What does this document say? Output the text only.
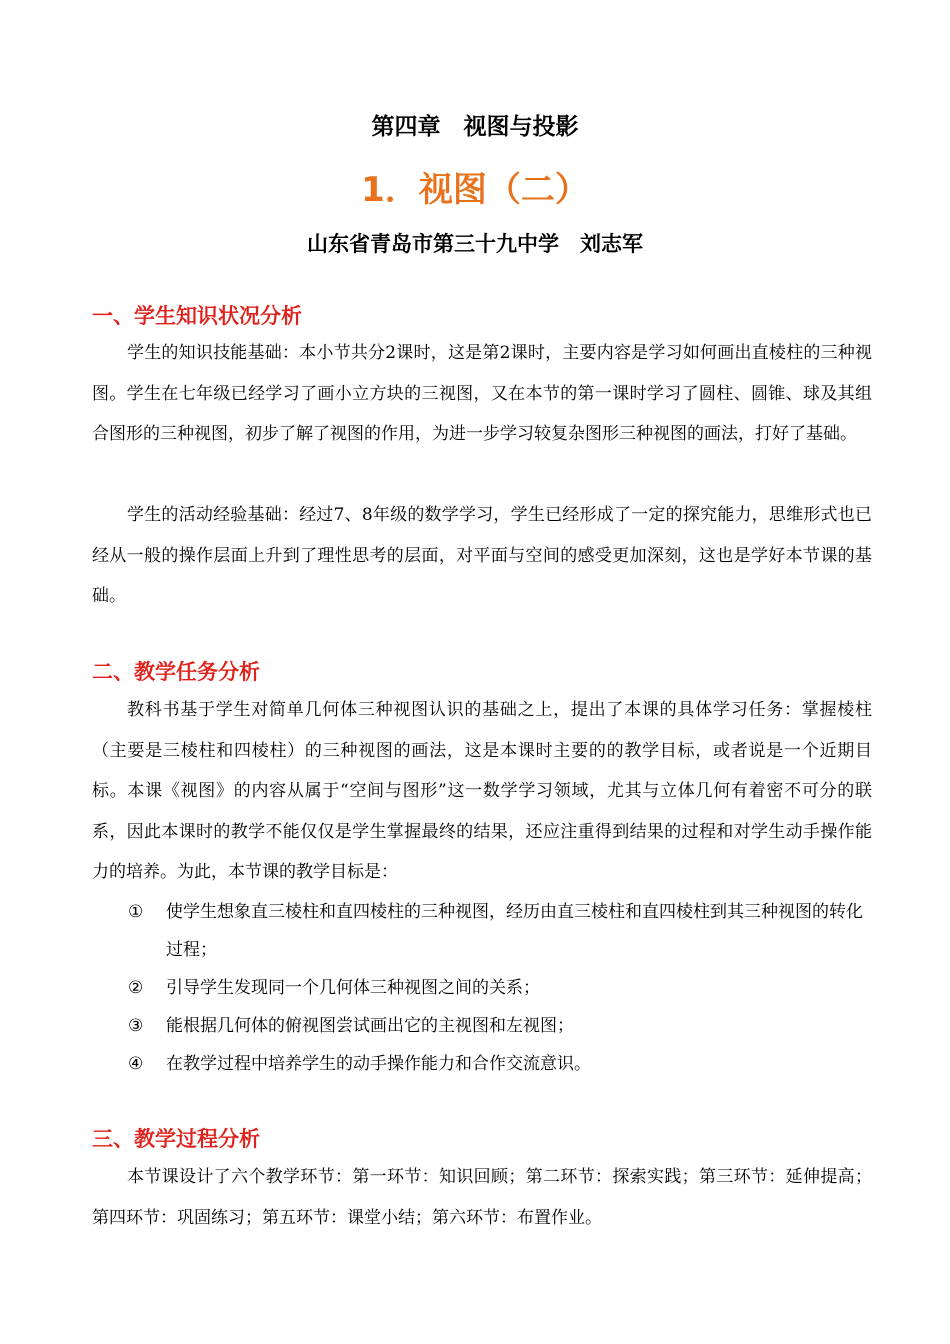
第四章　视图与投影
1．视图（二）
山东省青岛市第三十九中学　刘志军
一、学生知识状况分析

学生的知识技能基础：本小节共分2课时，这是第2课时，主要内容是学习如何画出直棱柱的三种视图。学生在七年级已经学习了画小立方块的三视图，又在本节的第一课时学习了圆柱、圆锥、球及其组合图形的三种视图，初步了解了视图的作用，为进一步学习较复杂图形三种视图的画法，打好了基础。

学生的活动经验基础：经过7、8年级的数学学习，学生已经形成了一定的探究能力，思维形式也已经从一般的操作层面上升到了理性思考的层面，对平面与空间的感受更加深刻，这也是学好本节课的基础。

二、教学任务分析

教科书基于学生对简单几何体三种视图认识的基础之上，提出了本课的具体学习任务：掌握棱柱（主要是三棱柱和四棱柱）的三种视图的画法，这是本课时主要的的教学目标，或者说是一个近期目标。本课《视图》的内容从属于“空间与图形”这一数学学习领域，尤其与立体几何有着密不可分的联系，因此本课时的教学不能仅仅是学生掌握最终的结果，还应注重得到结果的过程和对学生动手操作能力的培养。为此，本节课的教学目标是：

①	使学生想象直三棱柱和直四棱柱的三种视图，经历由直三棱柱和直四棱柱到其三种视图的转化过程；
②	引导学生发现同一个几何体三种视图之间的关系；
③	能根据几何体的俯视图尝试画出它的主视图和左视图；
④	在教学过程中培养学生的动手操作能力和合作交流意识。
三、教学过程分析

本节课设计了六个教学环节：第一环节：知识回顾；第二环节：探索实践；第三环节：延伸提高；第四环节：巩固练习；第五环节：课堂小结；第六环节：布置作业。
